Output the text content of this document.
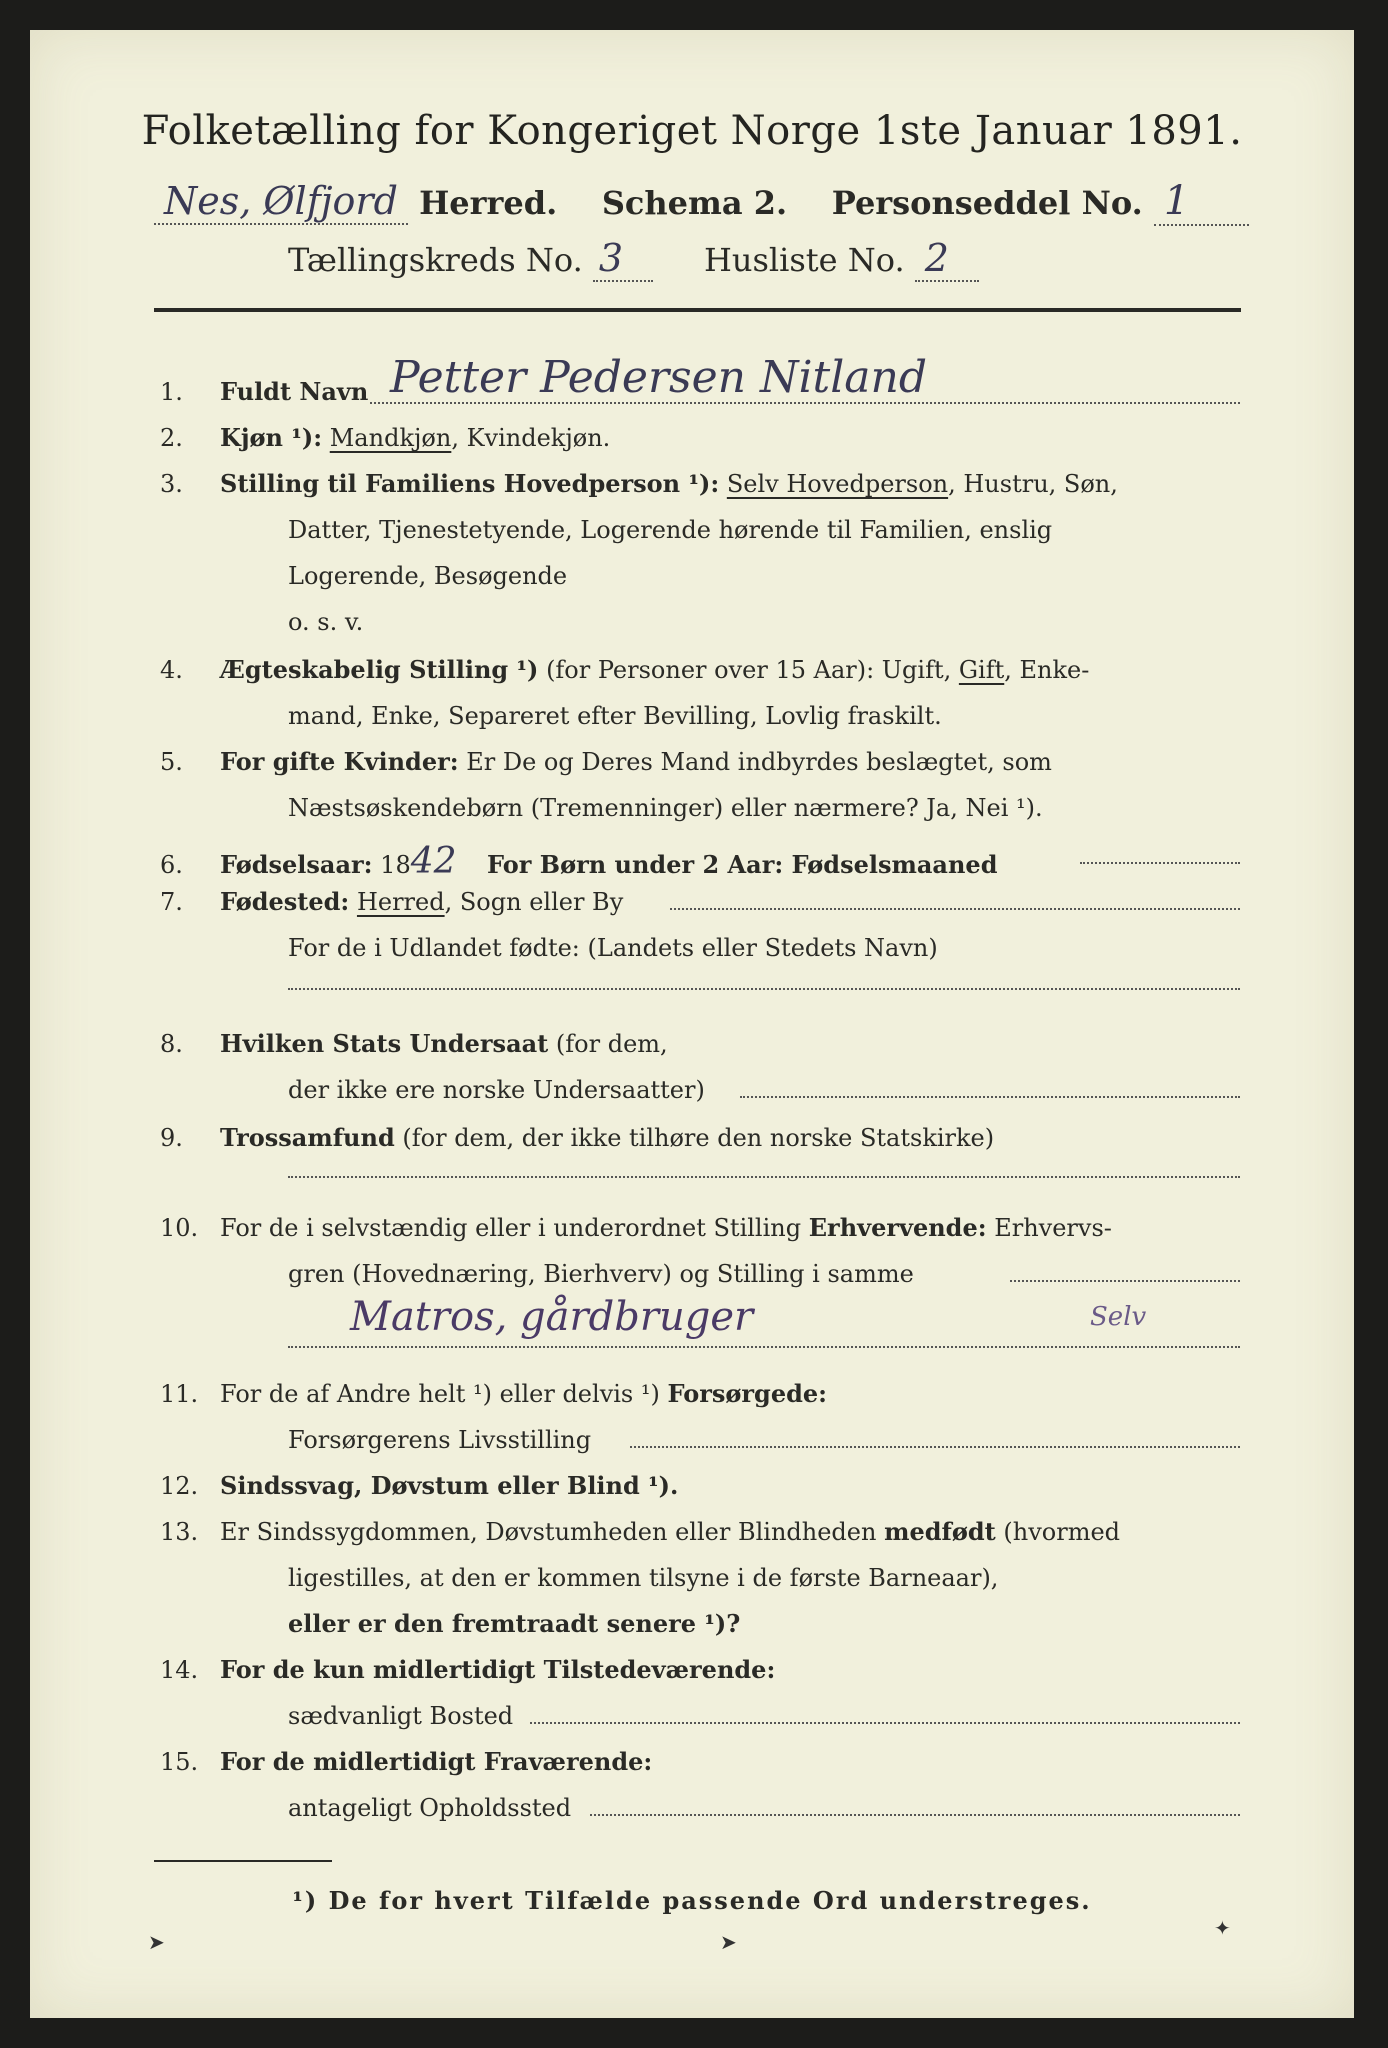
Folketælling for Kongeriget Norge 1ste Januar 1891.
Nes, Ølfjord Herred. Schema 2. Personseddel No. 1
Tællingskreds No. 3	Husliste No. 2
1. Fuldt Navn Petter Pedersen Nitland
2. Kjøn ¹): Mandkjøn, Kvindekjøn.
3. Stilling til Familiens Hovedperson ¹): Selv Hovedperson, Hustru, Søn,
Datter, Tjenestetyende, Logerende hørende til Familien, enslig
Logerende, Besøgende
o. s. v.
4. Ægteskabelig Stilling ¹) (for Personer over 15 Aar): Ugift, Gift, Enke-
mand, Enke, Separeret efter Bevilling, Lovlig fraskilt.
5. For gifte Kvinder: Er De og Deres Mand indbyrdes beslægtet, som
Næstsøskendebørn (Tremenninger) eller nærmere? Ja, Nei ¹).
6. Fødselsaar: 1842 For Børn under 2 Aar: Fødselsmaaned
7. Fødested: Herred, Sogn eller By
For de i Udlandet fødte: (Landets eller Stedets Navn)
8. Hvilken Stats Undersaat (for dem,
der ikke ere norske Undersaatter)
9. Trossamfund (for dem, der ikke tilhøre den norske Statskirke)
10. For de i selvstændig eller i underordnet Stilling Erhvervende: Erhvervs-
gren (Hovednæring, Bierhverv) og Stilling i samme
Matros, gårdbruger	Selv
11. For de af Andre helt ¹) eller delvis ¹) Forsørgede:
Forsørgerens Livsstilling
12. Sindssvag, Døvstum eller Blind ¹).
13. Er Sindssygdommen, Døvstumheden eller Blindheden medfødt (hvormed
ligestilles, at den er kommen tilsyne i de første Barneaar),
eller er den fremtraadt senere ¹)?
14. For de kun midlertidigt Tilstedeværende:
sædvanligt Bosted
15. For de midlertidigt Fraværende:
antageligt Opholdssted
¹) De for hvert Tilfælde passende Ord understreges.
➤	➤
✦
